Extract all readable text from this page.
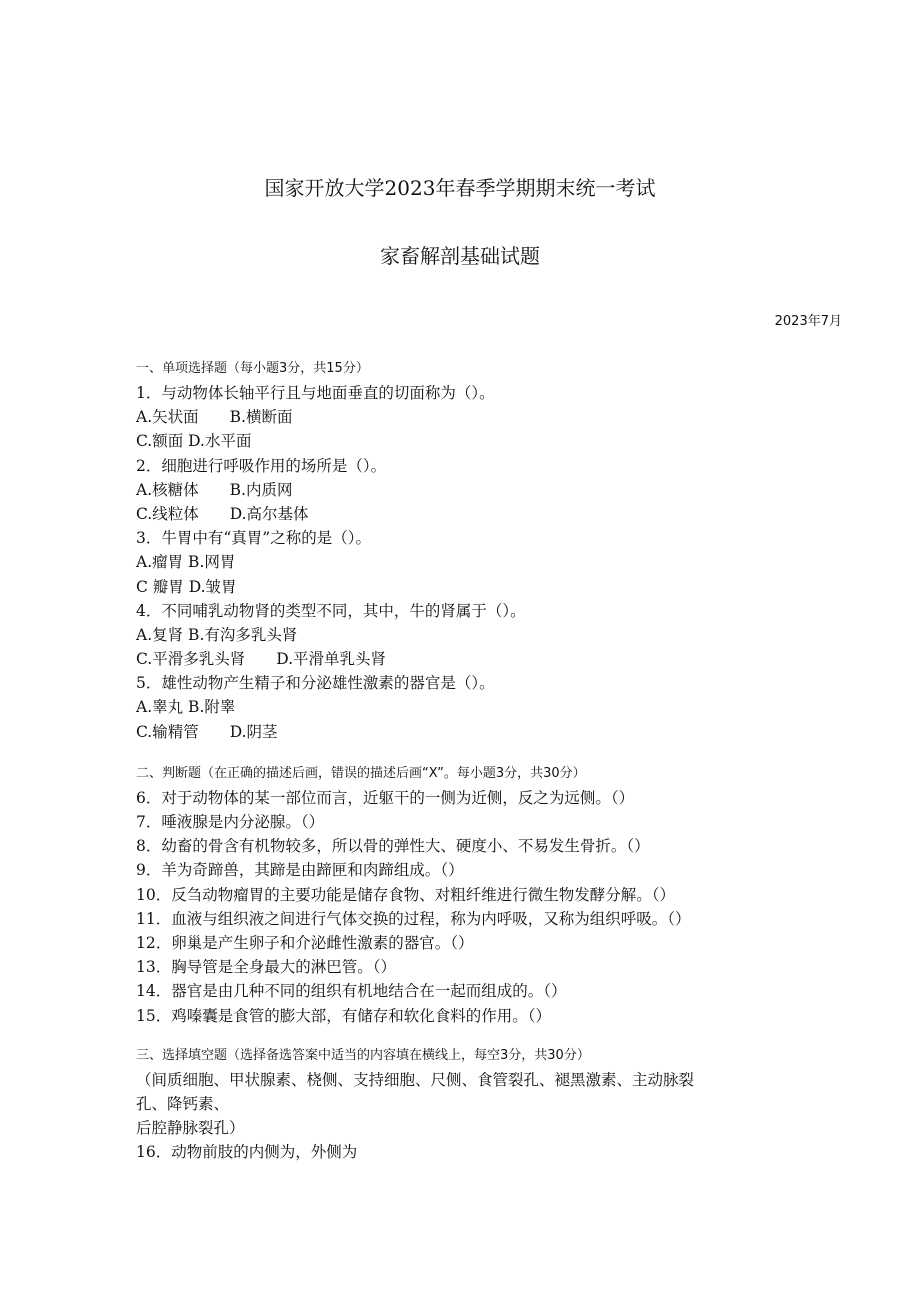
国家开放大学2023年春季学期期末统一考试
家畜解剖基础试题
2023年7月
一、单项选择题（每小题3分，共15分）
1．与动物体长轴平行且与地面垂直的切面称为（）。
A.矢状面　　B.横断面
C.额面 D.水平面
2．细胞进行呼吸作用的场所是（）。
A.核糖体　　B.内质网
C.线粒体　　D.高尔基体
3．牛胃中有“真胃”之称的是（）。
A.瘤胃 B.网胃
C 瓣胃 D.皱胃
4．不同哺乳动物肾的类型不同，其中，牛的肾属于（）。
A.复肾 B.有沟多乳头肾
C.平滑多乳头肾　　D.平滑单乳头肾
5．雄性动物产生精子和分泌雄性激素的器官是（）。
A.睾丸 B.附睾
C.输精管　　D.阴茎
二、判断题（在正确的描述后画，错误的描述后画“X”。每小题3分，共30分）
6．对于动物体的某一部位而言，近躯干的一侧为近侧，反之为远侧。（）
7．唾液腺是内分泌腺。（）
8．幼畜的骨含有机物较多，所以骨的弹性大、硬度小、不易发生骨折。（）
9．羊为奇蹄兽，其蹄是由蹄匣和肉蹄组成。（）
10．反刍动物瘤胃的主要功能是储存食物、对粗纤维进行微生物发酵分解。（）
11．血液与组织液之间进行气体交换的过程，称为内呼吸，又称为组织呼吸。（）
12．卵巢是产生卵子和介泌雌性激素的器官。（）
13．胸导管是全身最大的淋巴管。（）
14．器官是由几种不同的组织有机地结合在一起而组成的。（）
15．鸡嗪囊是食管的膨大部，有储存和软化食料的作用。（）
三、选择填空题（选择备选答案中适当的内容填在横线上，每空3分，共30分）
（间质细胞、甲状腺素、桡侧、支持细胞、尺侧、食管裂孔、褪黑激素、主动脉裂
孔、降钙素、
后腔静脉裂孔）
16．动物前肢的内侧为，外侧为
